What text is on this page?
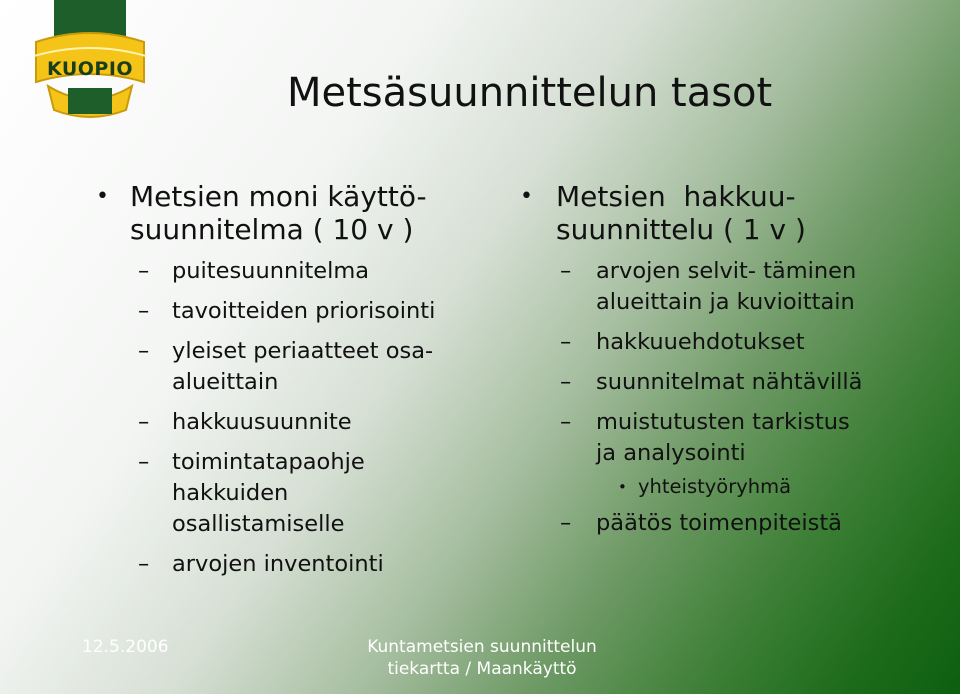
KUOPIO
Metsäsuunnittelun tasot
• Metsien moni käyttö-
suunnitelma ( 10 v )
– puitesuunnitelma
– tavoitteiden priorisointi
– yleiset periaatteet osa-
alueittain
– hakkuusuunnite
– toimintatapaohje
hakkuiden
osallistamiselle
– arvojen inventointi
• Metsien  hakkuu-
suunnittelu ( 1 v )
– arvojen selvit- täminen
alueittain ja kuvioittain
– hakkuuehdotukset
– suunnitelmat nähtävillä
– muistutusten tarkistus
ja analysointi
• yhteistyöryhmä
– päätös toimenpiteistä
12.5.2006	Kuntametsien suunnittelun
tiekartta / Maankäyttö
